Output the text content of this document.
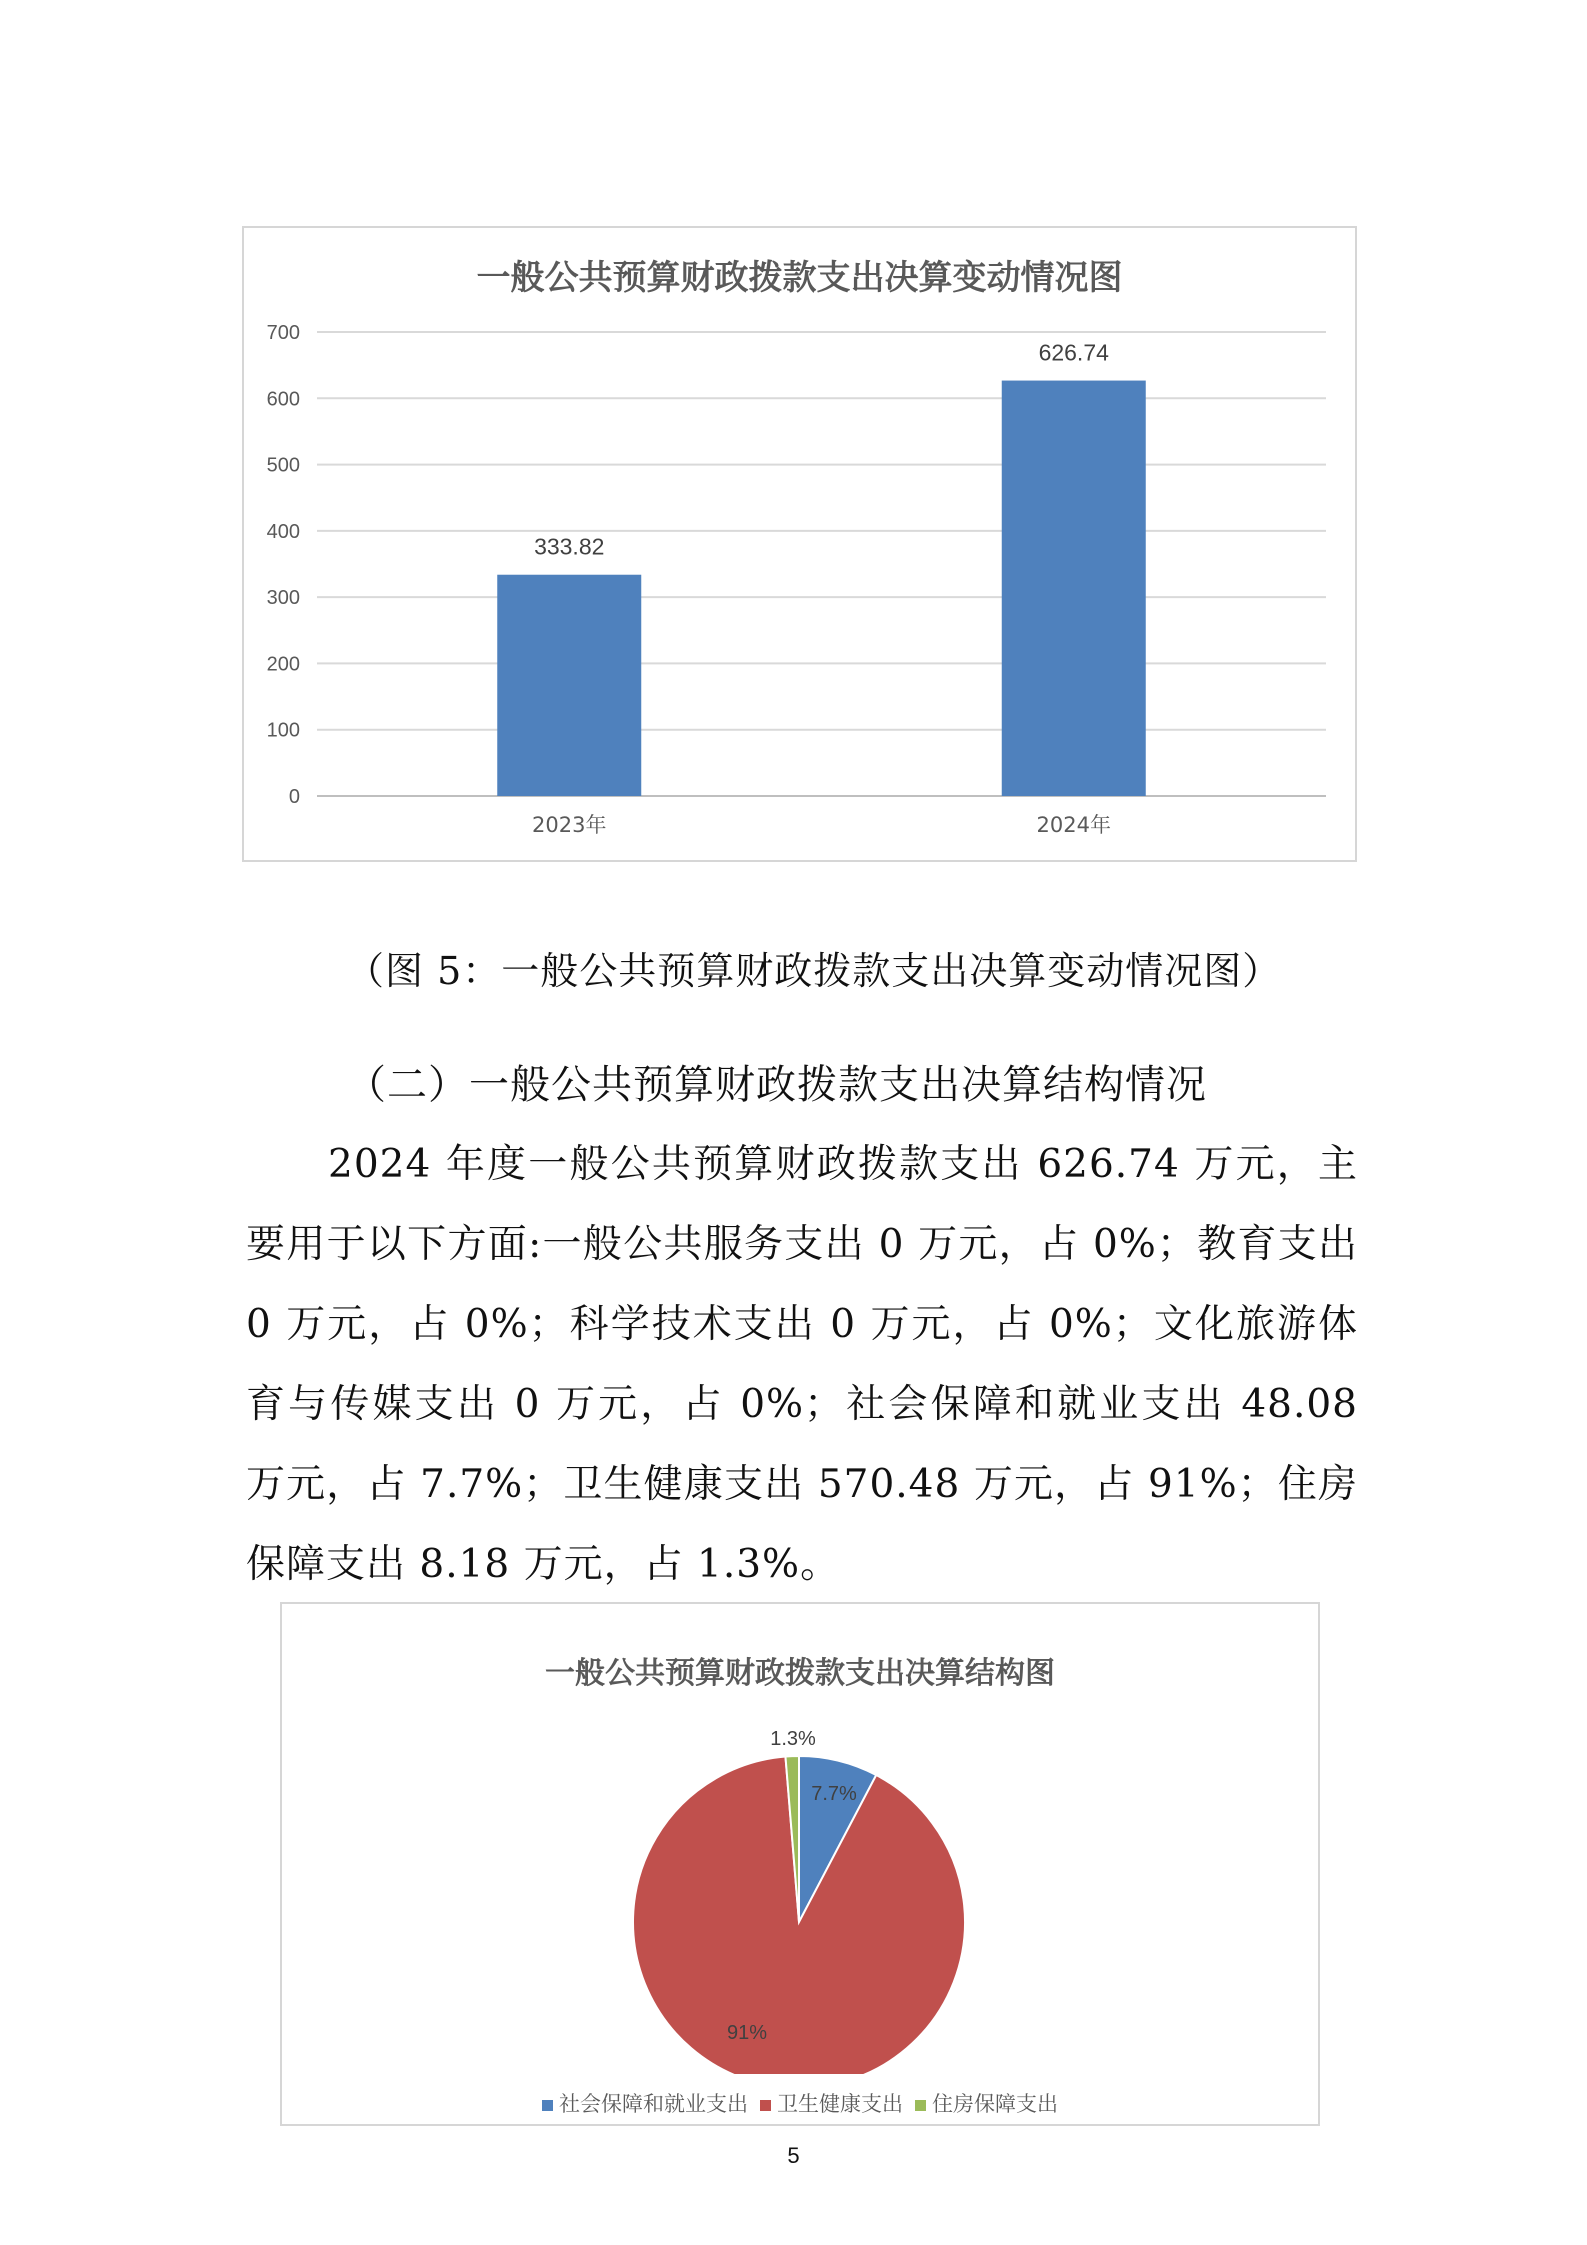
一般公共预算财政拨款支出决算变动情况图
0
100
200
300
400
500
600
700
333.82
2023年
626.74
2024年
（图 5：一般公共预算财政拨款支出决算变动情况图）
（二）一般公共预算财政拨款支出决算结构情况
2024 年度一般公共预算财政拨款支出 626.74 万元，主要用于以下方面:一般公共服务支出 0 万元，占 0%；教育支出 0 万元，占 0%；科学技术支出 0 万元，占 0%；文化旅游体育与传媒支出 0 万元，占 0%；社会保障和就业支出 48.08 万元，占 7.7%；卫生健康支出 570.48 万元，占 91%；住房保障支出 8.18 万元，占 1.3%。
一般公共预算财政拨款支出决算结构图
7.7%
91%
1.3%
社会保障和就业支出 卫生健康支出 住房保障支出
5
